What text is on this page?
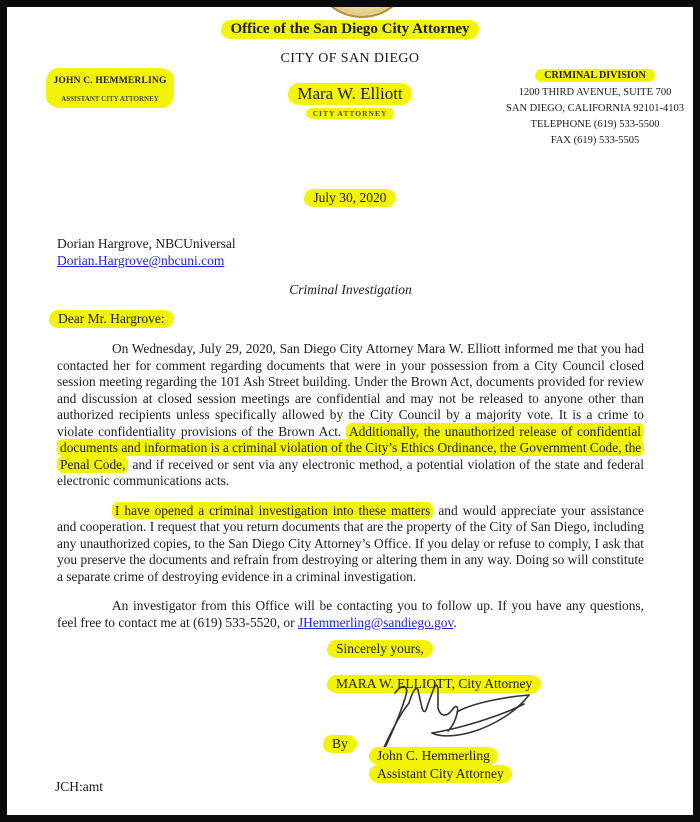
Office of the San Diego City Attorney
CITY OF SAN DIEGO
JOHN C. HEMMERLING
ASSISTANT CITY ATTORNEY	Mara W. Elliott
CITY ATTORNEY
CRIMINAL DIVISION
1200 THIRD AVENUE, SUITE 700
SAN DIEGO, CALIFORNIA 92101-4103
TELEPHONE (619) 533-5500
FAX (619) 533-5505
July 30, 2020
Dorian Hargrove, NBCUniversal
Dorian.Hargrove@nbcuni.com
Criminal Investigation
Dear Mr. Hargrove:

On Wednesday, July 29, 2020, San Diego City Attorney Mara W. Elliott informed me that you had contacted her for comment regarding documents that were in your possession from a City Council closed session meeting regarding the 101 Ash Street building. Under the Brown Act, documents provided for review and discussion at closed session meetings are confidential and may not be released to anyone other than authorized recipients unless specifically allowed by the City Council by a majority vote. It is a crime to violate confidentiality provisions of the Brown Act. Additionally, the unauthorized release of confidential documents and information is a criminal violation of the City’s Ethics Ordinance, the Government Code, the Penal Code, and if received or sent via any electronic method, a potential violation of the state and federal electronic communications acts.

I have opened a criminal investigation into these matters and would appreciate your assistance and cooperation. I request that you return documents that are the property of the City of San Diego, including any unauthorized copies, to the San Diego City Attorney’s Office. If you delay or refuse to comply, I ask that you preserve the documents and refrain from destroying or altering them in any way. Doing so will constitute a separate crime of destroying evidence in a criminal investigation.

An investigator from this Office will be contacting you to follow up. If you have any questions, feel free to contact me at (619) 533-5520, or JHemmerling@sandiego.gov.

Sincerely yours,
MARA W. ELLIOTT, City Attorney
By
John C. Hemmerling
Assistant City Attorney
JCH:amt
